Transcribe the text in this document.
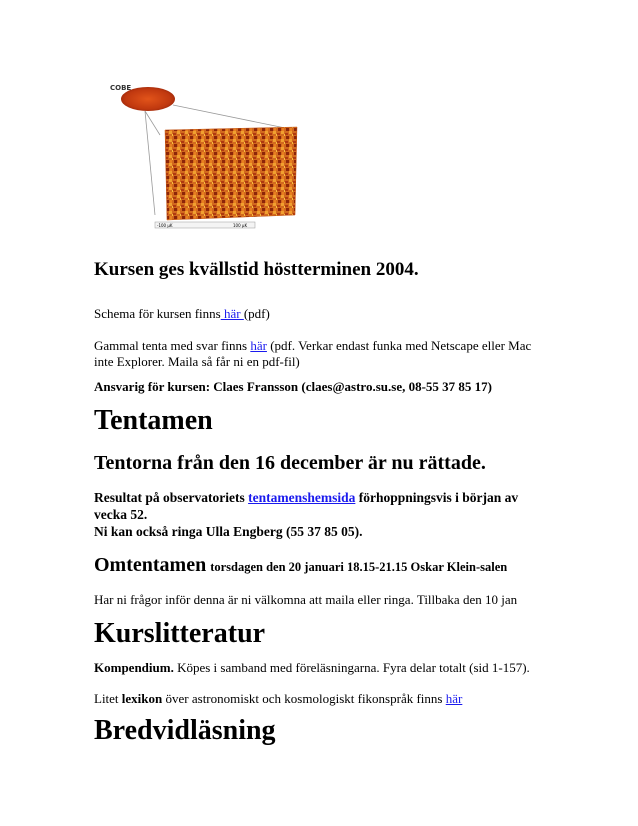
COBE
-100 μK	100 μK
Kursen ges kvällstid höstterminen 2004.
Schema för kursen finns här (pdf)
Gammal tenta med svar finns här (pdf. Verkar endast funka med Netscape eller Mac inte Explorer. Maila så får ni en pdf-fil)
Ansvarig för kursen: Claes Fransson (claes@astro.su.se, 08-55 37 85 17)
Tentamen
Tentorna från den 16 december är nu rättade.
Resultat på observatoriets tentamenshemsida förhoppningsvis i början av vecka 52.
Ni kan också ringa Ulla Engberg (55 37 85 05).
Omtentamen torsdagen den 20 januari 18.15-21.15 Oskar Klein-salen
Har ni frågor inför denna är ni välkomna att maila eller ringa. Tillbaka den 10 jan
Kurslitteratur
Kompendium. Köpes i samband med föreläsningarna. Fyra delar totalt (sid 1-157).
Litet lexikon över astronomiskt och kosmologiskt fikonspråk finns här
Bredvidläsning
